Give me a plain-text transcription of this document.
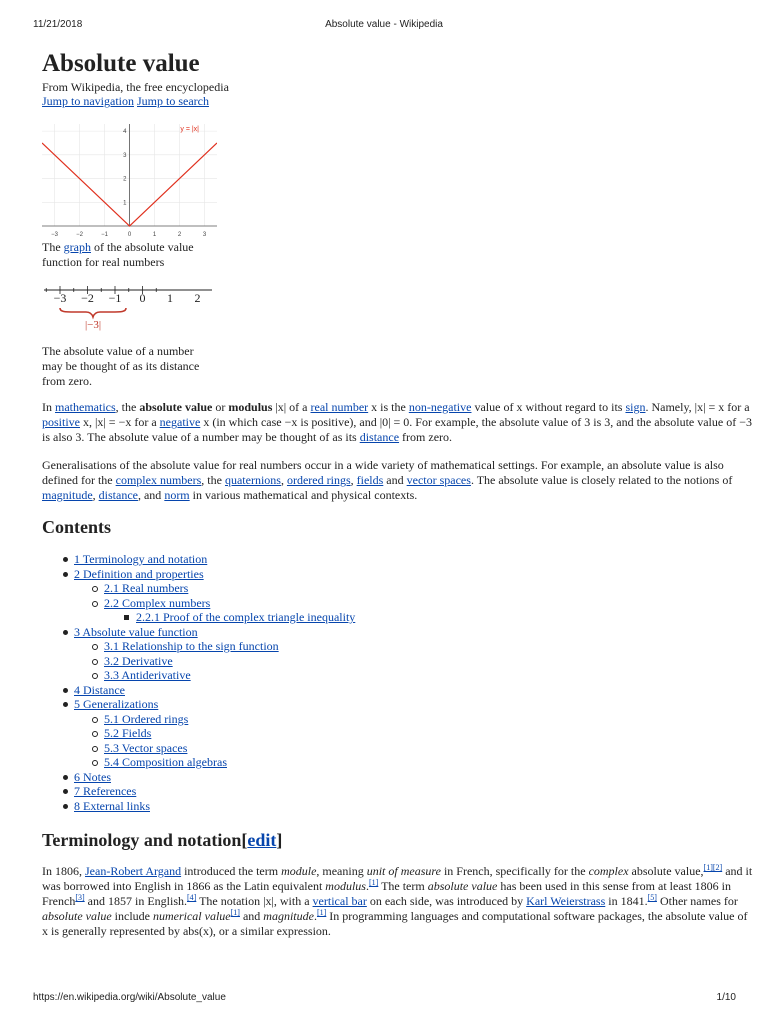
11/21/2018	Absolute value - Wikipedia
Absolute value
From Wikipedia, the free encyclopedia
Jump to navigation Jump to search
−3	−2	−1	0	1	2	3
1
2
3
4	y = |x|
The graph of the absolute value function for real numbers
−3 −2 −1 0 1 2
|−3|
The absolute value of a number may be thought of as its distance from zero.

In mathematics, the absolute value or modulus |x| of a real number x is the non-negative value of x without regard to its sign. Namely, |x| = x for a positive x, |x| = −x for a negative x (in which case −x is positive), and |0| = 0. For example, the absolute value of 3 is 3, and the absolute value of −3 is also 3. The absolute value of a number may be thought of as its distance from zero.

Generalisations of the absolute value for real numbers occur in a wide variety of mathematical settings. For example, an absolute value is also defined for the complex numbers, the quaternions, ordered rings, fields and vector spaces. The absolute value is closely related to the notions of magnitude, distance, and norm in various mathematical and physical contexts.

Contents
1 Terminology and notation
2 Definition and properties
2.1 Real numbers
2.2 Complex numbers
2.2.1 Proof of the complex triangle inequality
3 Absolute value function
3.1 Relationship to the sign function
3.2 Derivative
3.3 Antiderivative
4 Distance
5 Generalizations
5.1 Ordered rings
5.2 Fields
5.3 Vector spaces
5.4 Composition algebras
6 Notes
7 References
8 External links
Terminology and notation[edit]

In 1806, Jean-Robert Argand introduced the term module, meaning unit of measure in French, specifically for the complex absolute value,[1][2] and it was borrowed into English in 1866 as the Latin equivalent modulus.[1] The term absolute value has been used in this sense from at least 1806 in French[3] and 1857 in English.[4] The notation |x|, with a vertical bar on each side, was introduced by Karl Weierstrass in 1841.[5] Other names for absolute value include numerical value[1] and magnitude.[1] In programming languages and computational software packages, the absolute value of x is generally represented by abs(x), or a similar expression.

https://en.wikipedia.org/wiki/Absolute_value	1/10
